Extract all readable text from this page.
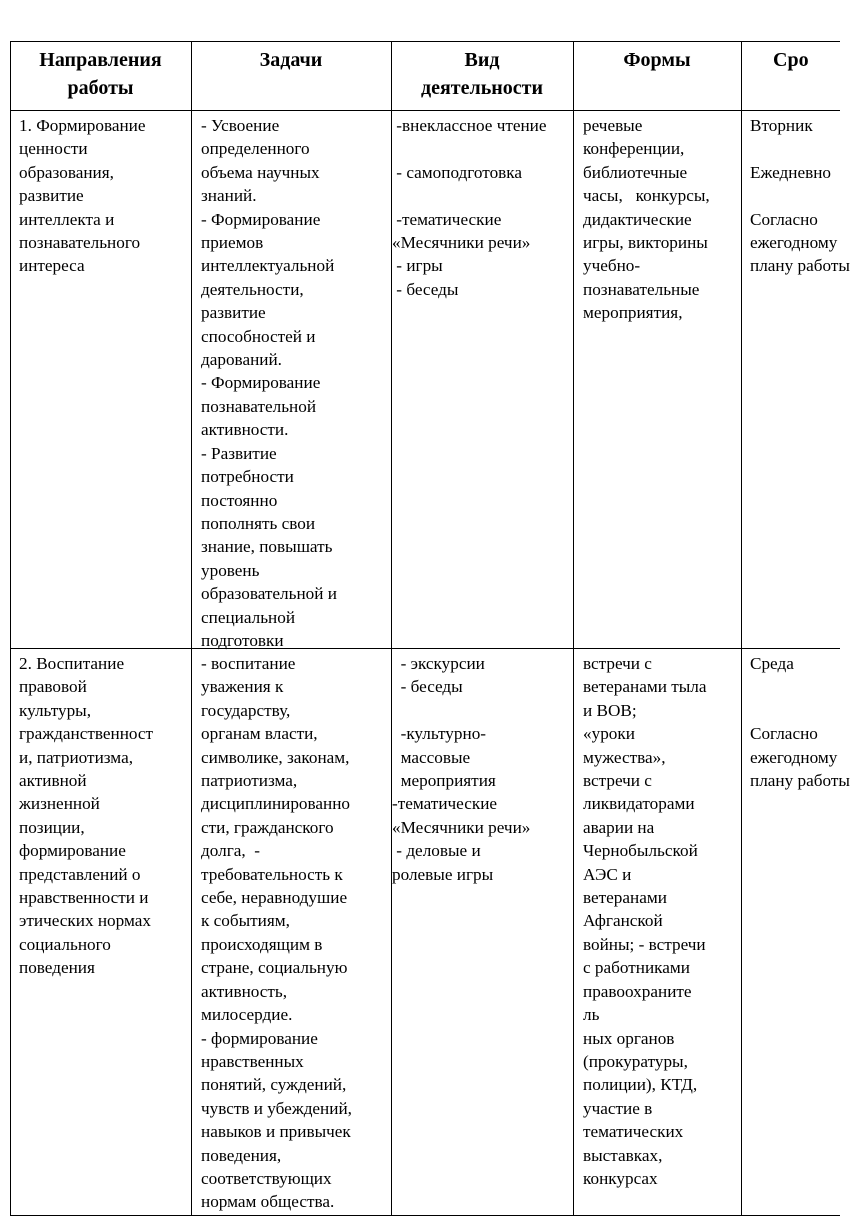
Направления
работы
Задачи	Вид
деятельности
Формы	Сро
1. Формирование
ценности
образования,
развитие
интеллекта и
познавательного
интереса
- Усвоение
определенного
объема научных
знаний.
- Формирование
приемов
интеллектуальной
деятельности,
развитие
способностей и
дарований.
- Формирование
познавательной
активности.
- Развитие
потребности
постоянно
пополнять свои
знание, повышать
уровень
образовательной и
специальной
подготовки
-внеклассное чтение

- самоподготовка

-тематические
«Месячники речи»
- игры
- беседы
речевые
конференции,
библиотечные
часы,   конкурсы,
дидактические
игры, викторины
учебно-
познавательные
мероприятия,
Вторник

Ежедневно

Согласно
ежегодному
плану работы
2. Воспитание
правовой
культуры,
гражданственност
и, патриотизма,
активной
жизненной
позиции,
формирование
представлений о
нравственности и
этических нормах
социального
поведения
- воспитание
уважения к
государству,
органам власти,
символике, законам,
патриотизма,
дисциплинированно
сти, гражданского
долга,  -
требовательность к
себе, неравнодушие
к событиям,
происходящим в
стране, социальную
активность,
милосердие.
- формирование
нравственных
понятий, суждений,
чувств и убеждений,
навыков и привычек
поведения,
соответствующих
нормам общества.
- экскурсии
- беседы

-культурно-
массовые
мероприятия
-тематические
«Месячники речи»
- деловые и
ролевые игры
встречи с
ветеранами тыла
и ВОВ;
«уроки
мужества»,
встречи с
ликвидаторами
аварии на
Чернобыльской
АЭС и
ветеранами
Афганской
войны; - встречи
с работниками
правоохраните
ль
ных органов
(прокуратуры,
полиции), КТД,
участие в
тематических
выставках,
конкурсах
Среда

Согласно
ежегодному
плану работы
